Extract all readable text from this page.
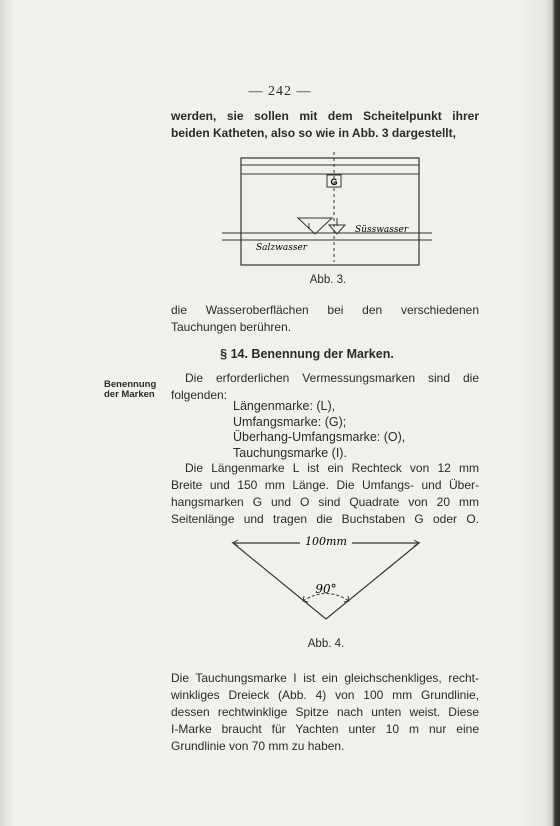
— 242 —
werden, sie sollen mit dem Scheitelpunkt ihrer
beiden Katheten, also so wie in Abb. 3 dargestellt,
I
G
Süsswasser
Salzwasser
Abb. 3.
die Wasseroberflächen bei den verschiedenen
Tauchungen berühren.
§ 14. Benennung der Marken.
Benennung
der Marken
Die erforderlichen Vermessungsmarken sind die
folgenden:
Längenmarke: (L),
Umfangsmarke: (G);
Überhang-Umfangsmarke: (O),
Tauchungsmarke (I).
Die Längenmarke L ist ein Rechteck von 12 mm
Breite und 150 mm Länge. Die Umfangs- und Über-
hangsmarken G und O sind Quadrate von 20 mm
Seitenlänge und tragen die Buchstaben G oder O.
100mm
90°
Abb. 4.
Die Tauchungsmarke I ist ein gleichschenkliges, recht-
winkliges Dreieck (Abb. 4) von 100 mm Grundlinie,
dessen rechtwinklige Spitze nach unten weist. Diese
I-Marke braucht für Yachten unter 10 m nur eine
Grundlinie von 70 mm zu haben.
